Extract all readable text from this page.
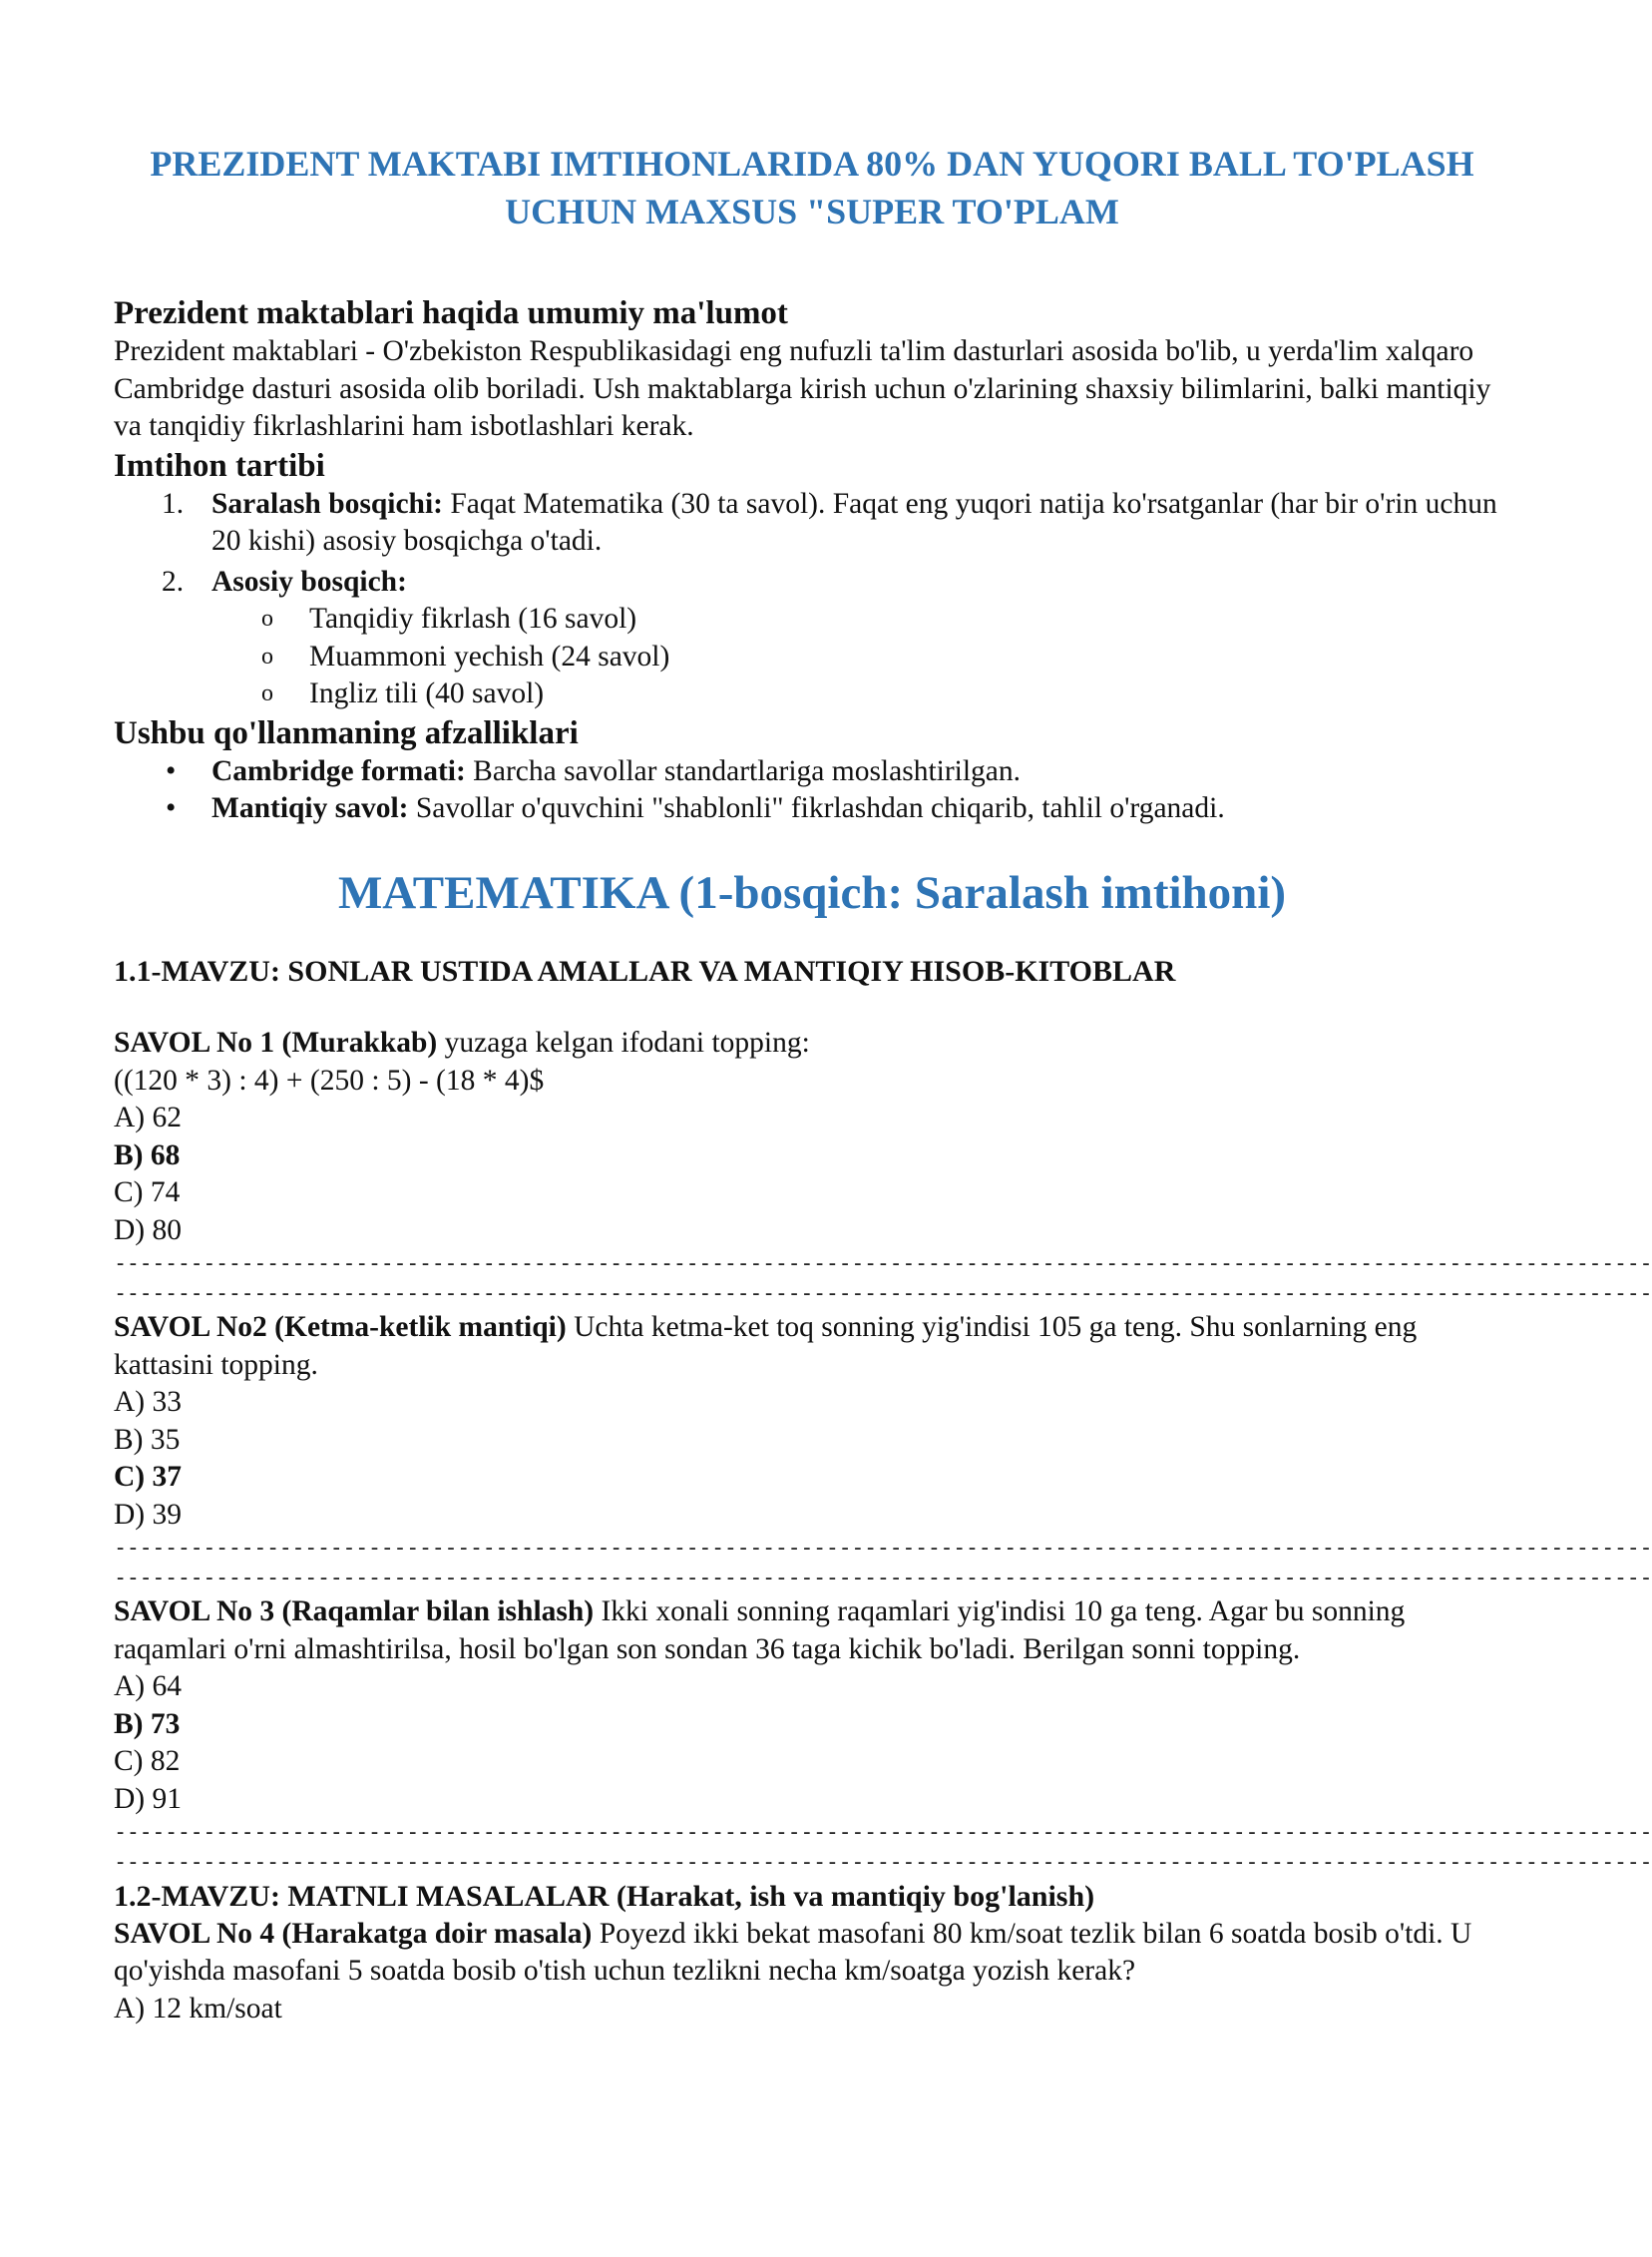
PREZIDENT MAKTABI IMTIHONLARIDA 80% DAN YUQORI BALL TO'PLASH
UCHUN MAXSUS "SUPER TO'PLAM
Prezident maktablari haqida umumiy ma'lumot

Prezident maktablari - O'zbekiston Respublikasidagi eng nufuzli ta'lim dasturlari asosida bo'lib, u yerda'lim xalqaro Cambridge dasturi asosida olib boriladi. Ush maktablarga kirish uchun o'zlarining shaxsiy bilimlarini, balki mantiqiy va tanqidiy fikrlashlarini ham isbotlashlari kerak.

Imtihon tartibi
1. Saralash bosqichi: Faqat Matematika (30 ta savol). Faqat eng yuqori natija ko'rsatganlar (har bir o'rin uchun 20 kishi) asosiy bosqichga o'tadi.
2. Asosiy bosqich:
o Tanqidiy fikrlash (16 savol)
o Muammoni yechish (24 savol)
o Ingliz tili (40 savol)
Ushbu qo'llanmaning afzalliklari
• Cambridge formati: Barcha savollar standartlariga moslashtirilgan.
• Mantiqiy savol: Savollar o'quvchini "shablonli" fikrlashdan chiqarib, tahlil o'rganadi.
MATEMATIKA (1-bosqich: Saralash imtihoni)
1.1-MAVZU: SONLAR USTIDA AMALLAR VA MANTIQIY HISOB-KITOBLAR

SAVOL No 1 (Murakkab) yuzaga kelgan ifodani topping:

((120 * 3) : 4) + (250 : 5) - (18 * 4)$

A) 62

B) 68

C) 74

D) 80

-------------------------------------------------------------------------------------------------------------------------
-------------------------------------------------------------------------------------------------------------------------

SAVOL No2 (Ketma-ketlik mantiqi) Uchta ketma-ket toq sonning yig'indisi 105 ga teng. Shu sonlarning eng kattasini topping.

A) 33

B) 35

C) 37

D) 39

-------------------------------------------------------------------------------------------------------------------------
-------------------------------------------------------------------------------------------------------------------------

SAVOL No 3 (Raqamlar bilan ishlash) Ikki xonali sonning raqamlari yig'indisi 10 ga teng. Agar bu sonning raqamlari o'rni almashtirilsa, hosil bo'lgan son sondan 36 taga kichik bo'ladi. Berilgan sonni topping.

A) 64

B) 73

C) 82

D) 91

-------------------------------------------------------------------------------------------------------------------------
-------------------------------------------------------------------------------------------------------------------------
1.2-MAVZU: MATNLI MASALALAR (Harakat, ish va mantiqiy bog'lanish)

SAVOL No 4 (Harakatga doir masala) Poyezd ikki bekat masofani 80 km/soat tezlik bilan 6 soatda bosib o'tdi. U qo'yishda masofani 5 soatda bosib o'tish uchun tezlikni necha km/soatga yozish kerak?

A) 12 km/soat
